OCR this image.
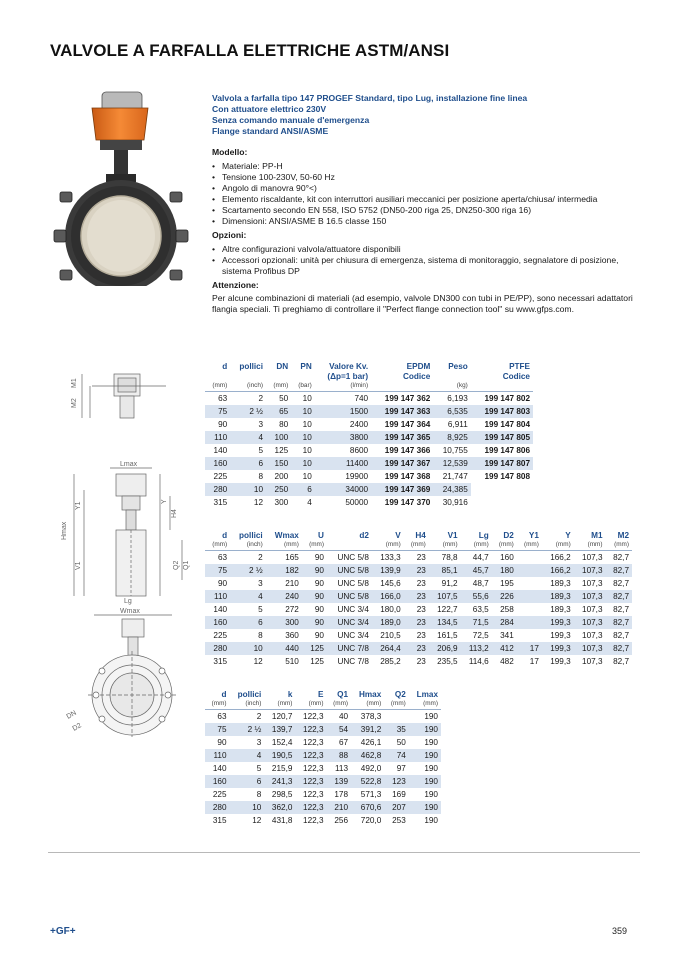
VALVOLE A FARFALLA ELETTRICHE ASTM/ANSI
Valvola a farfalla tipo 147 PROGEF Standard, tipo Lug, installazione fine linea
Con attuatore elettrico 230V
Senza comando manuale d'emergenza
Flange standard ANSI/ASME
Modello:
• Materiale: PP-H
• Tensione 100-230V, 50-60 Hz
• Angolo di manovra 90°<)
• Elemento riscaldante, kit con interruttori ausiliari meccanici per posizione aperta/chiusa/ intermedia
• Scartamento secondo EN 558, ISO 5752 (DN50-200 riga 25, DN250-300 riga 16)
• Dimensioni: ANSI/ASME B 16.5 classe 150
Opzioni:
• Altre configurazioni valvola/attuatore disponibili
• Accessori opzionali: unità per chiusura di emergenza, sistema di monitoraggio, segnalatore di posizione, sistema Profibus DP
Attenzione:
Per alcune combinazioni di materiali (ad esempio, valvole DN300 con tubi in PE/PP), sono necessari adattatori flangia speciali. Ti preghiamo di controllare il "Perfect flange connection tool" su www.gfps.com.
M2
M1
Lmax
Hmax
V1
Y1	Y
H4
Q1
Q2
Lg
Wmax
DN
D2
d	pollici	DN	PN	Valore Kv.	EPDM	Peso	PTFE
				(Δp=1 bar)	Codice		Codice
(mm)	(inch)	(mm)	(bar)	(l/min)		(kg)	
63	2	50	10	740	199 147 362	6,193	199 147 802
75	2 ½	65	10	1500	199 147 363	6,535	199 147 803
90	3	80	10	2400	199 147 364	6,911	199 147 804
110	4	100	10	3800	199 147 365	8,925	199 147 805
140	5	125	10	8600	199 147 366	10,755	199 147 806
160	6	150	10	11400	199 147 367	12,539	199 147 807
225	8	200	10	19900	199 147 368	21,747	199 147 808
280	10	250	6	34000	199 147 369	24,385	
315	12	300	4	50000	199 147 370	30,916	
d	pollici	Wmax	U	d2	V	H4	V1	Lg	D2	Y1	Y	M1	M2
(mm)	(inch)	(mm)	(mm)		(mm)	(mm)	(mm)	(mm)	(mm)	(mm)	(mm)	(mm)	(mm)
63	2	165	90	UNC 5/8	133,3	23	78,8	44,7	160		166,2	107,3	82,7
75	2 ½	182	90	UNC 5/8	139,9	23	85,1	45,7	180		166,2	107,3	82,7
90	3	210	90	UNC 5/8	145,6	23	91,2	48,7	195		189,3	107,3	82,7
110	4	240	90	UNC 5/8	166,0	23	107,5	55,6	226		189,3	107,3	82,7
140	5	272	90	UNC 3/4	180,0	23	122,7	63,5	258		189,3	107,3	82,7
160	6	300	90	UNC 3/4	189,0	23	134,5	71,5	284		199,3	107,3	82,7
225	8	360	90	UNC 3/4	210,5	23	161,5	72,5	341		199,3	107,3	82,7
280	10	440	125	UNC 7/8	264,4	23	206,9	113,2	412	17	199,3	107,3	82,7
315	12	510	125	UNC 7/8	285,2	23	235,5	114,6	482	17	199,3	107,3	82,7
d	pollici	k	E	Q1	Hmax	Q2	Lmax
(mm)	(inch)	(mm)	(mm)	(mm)	(mm)	(mm)	(mm)
63	2	120,7	122,3	40	378,3		190
75	2 ½	139,7	122,3	54	391,2	35	190
90	3	152,4	122,3	67	426,1	50	190
110	4	190,5	122,3	88	462,8	74	190
140	5	215,9	122,3	113	492,0	97	190
160	6	241,3	122,3	139	522,8	123	190
225	8	298,5	122,3	178	571,3	169	190
280	10	362,0	122,3	210	670,6	207	190
315	12	431,8	122,3	256	720,0	253	190
+GF+	359
